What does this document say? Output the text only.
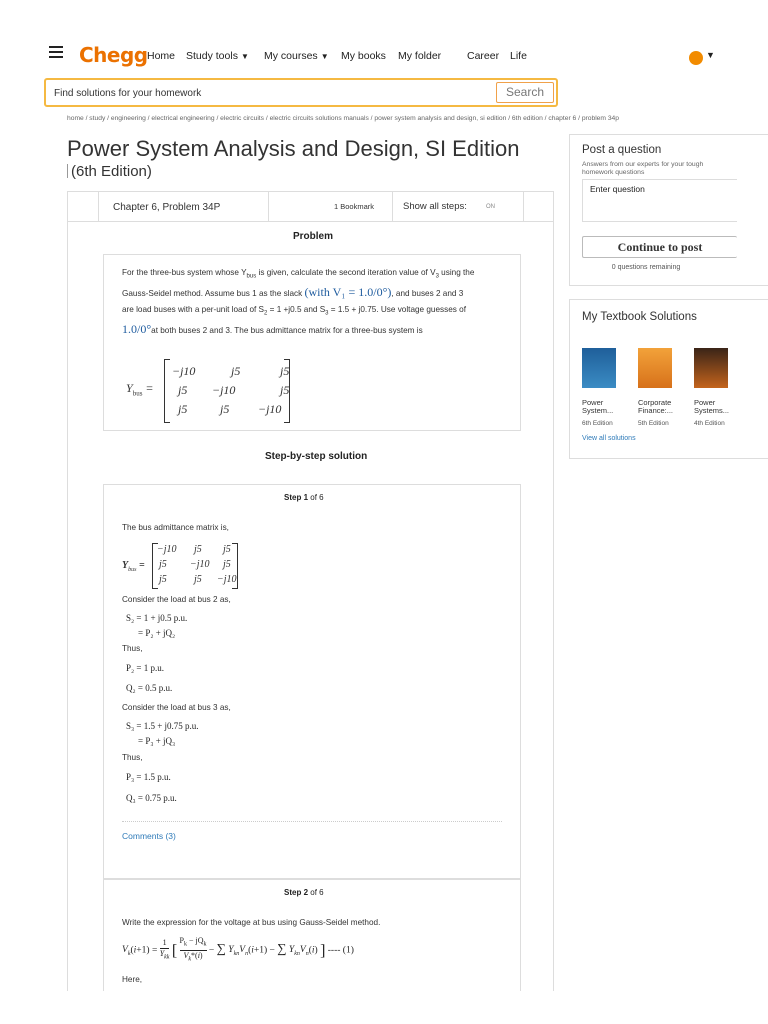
Chegg Home Study tools ▼ My courses ▼ My books My folder Career Life	▼
Find solutions for your homework
Search
home / study / engineering / electrical engineering / electric circuits / electric circuits solutions manuals / power system analysis and design, si edition / 6th edition / chapter 6 / problem 34p
Power System Analysis and Design, SI Edition
(6th Edition)
Chapter 6, Problem 34P	1 Bookmark	Show all steps:	ON
Problem
For the three-bus system whose $Y_{bus}$ is given, calculate the second iteration value of $V_3$ using the
Gauss-Seidel method. Assume bus 1 as the slack (with V₁ = 1.0/0°), and buses 2 and 3
are load buses with a per-unit load of $S_2 = 1 +j0.5$ and $S_3 = 1.5 + j0.75$. Use voltage guesses of
1.0/0°at both buses 2 and 3. The bus admittance matrix for a three-bus system is
$Y_{bus}$ =
−j10	j5	j5
j5 −j10	j5
j5	j5 −j10
Step-by-step solution
Step 1 of 6
The bus admittance matrix is,
$Y_{bus}$ =
−j10 j5 j5
j5 −j10 j5
j5	j5 −j10
Consider the load at bus 2 as,
S₂ = 1 + j0.5 p.u.
= P₂ + jQ₂
Thus,
P₂ = 1 p.u.
Q₂ = 0.5 p.u.
Consider the load at bus 3 as,
S₃ = 1.5 + j0.75 p.u.
= P₃ + jQ₃
Thus,
P₃ = 1.5 p.u.
Q₃ = 0.75 p.u.
Comments (3)
Step 2 of 6
Write the expression for the voltage at bus using Gauss-Seidel method.
$V_k(i+1)$ =
1
$Y_{kk}$ [
$P_k - jQ_k$
$V_k*(i)$ − ∑ $Y_{kn}V_n(i+1)$ − ∑ $Y_{kn}V_n(i)$ ] ---- (1)
Here,
Post a question
Answers from our experts for your tough homework questions
Enter question
Continue to post
0 questions remaining
My Textbook Solutions
Power System...
6th Edition
Corporate Finance:...
5th Edition
Power Systems...
4th Edition
View all solutions
